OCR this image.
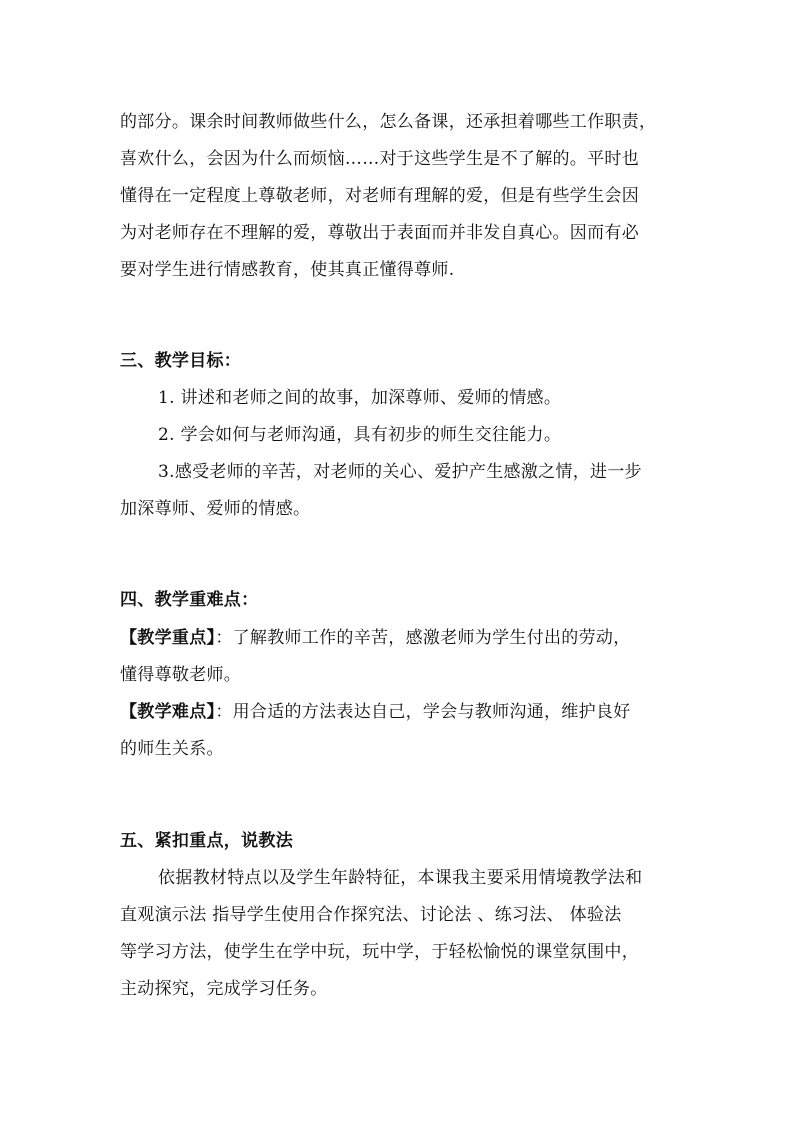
的部分。课余时间教师做些什么，怎么备课，还承担着哪些工作职责，
喜欢什么，会因为什么而烦恼……对于这些学生是不了解的。平时也
懂得在一定程度上尊敬老师，对老师有理解的爱，但是有些学生会因
为对老师存在不理解的爱，尊敬出于表面而并非发自真心。因而有必
要对学生进行情感教育，使其真正懂得尊师.
三、教学目标：
1. 讲述和老师之间的故事，加深尊师、爱师的情感。
2. 学会如何与老师沟通，具有初步的师生交往能力。
3.感受老师的辛苦，对老师的关心、爱护产生感激之情，进一步
加深尊师、爱师的情感。
四、教学重难点：
【教学重点】：了解教师工作的辛苦，感激老师为学生付出的劳动，
懂得尊敬老师。
【教学难点】：用合适的方法表达自己，学会与教师沟通，维护良好
的师生关系。
五、紧扣重点，说教法
依据教材特点以及学生年龄特征，本课我主要采用情境教学法和
直观演示法 指导学生使用合作探究法、讨论法 、练习法、 体验法
等学习方法，使学生在学中玩，玩中学，于轻松愉悦的课堂氛围中，
主动探究，完成学习任务。
